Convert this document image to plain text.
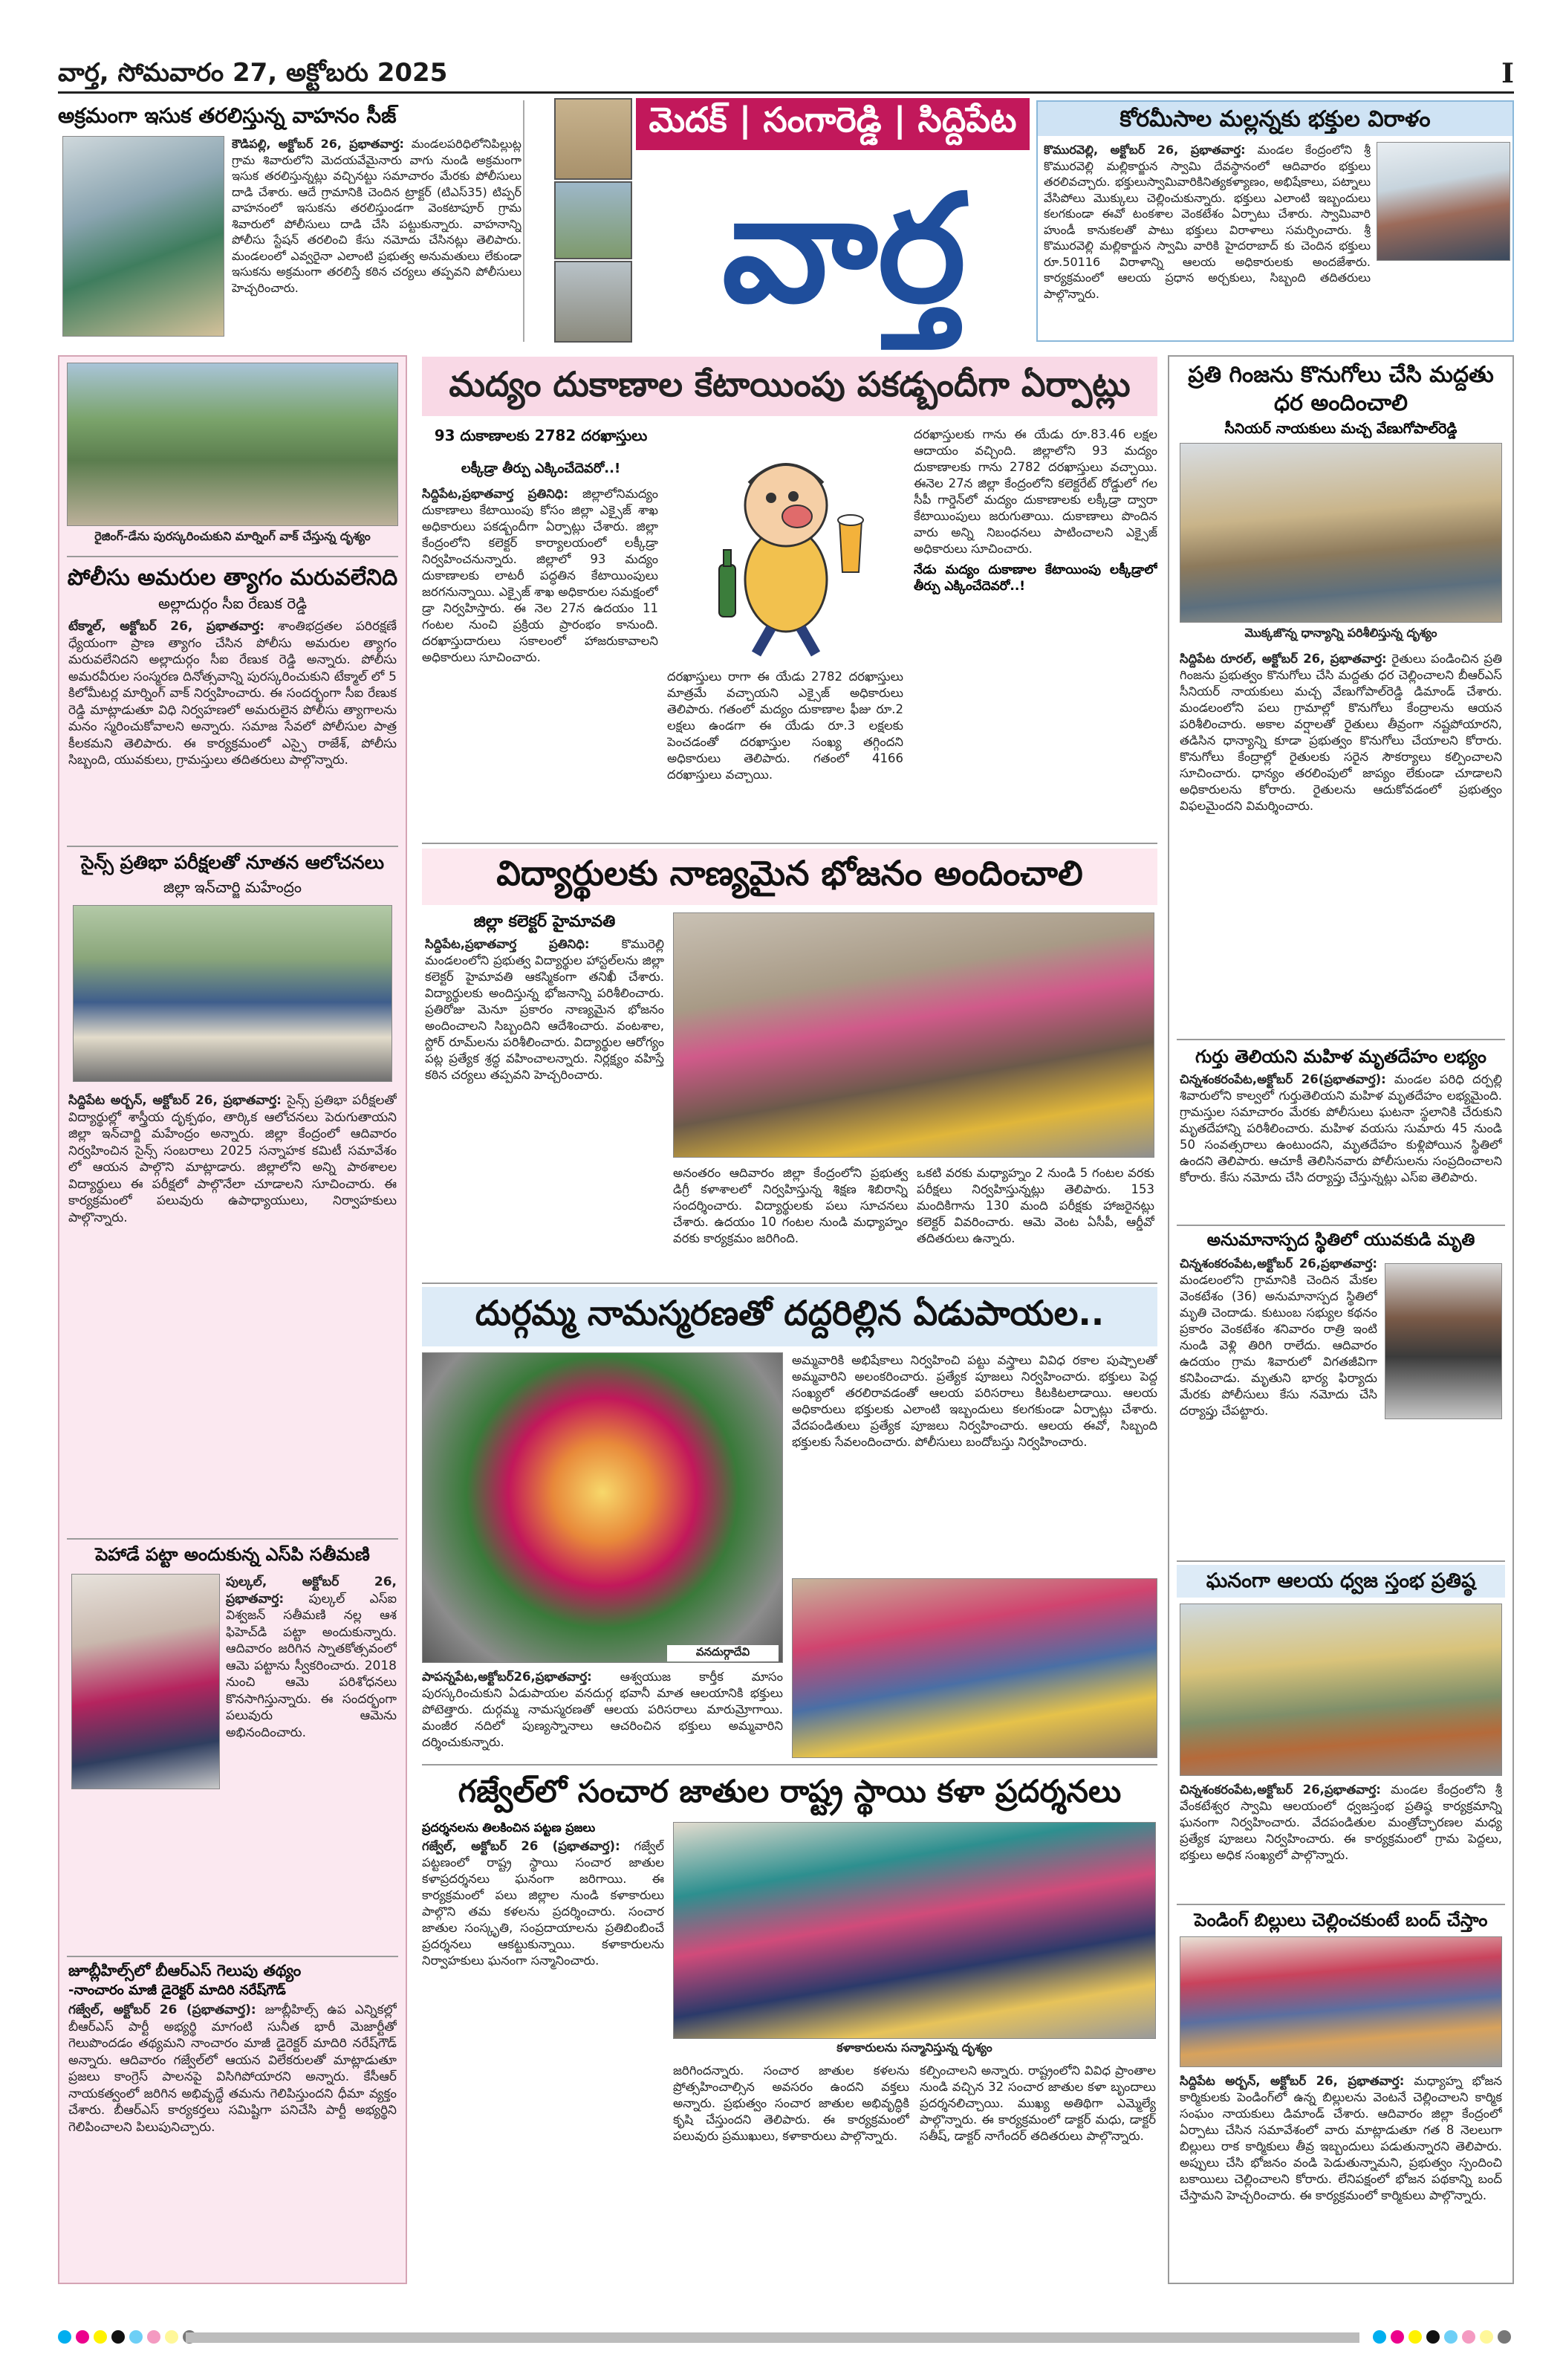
వార్త, సోమవారం 27, అక్టోబరు 2025	I
అక్రమంగా ఇసుక తరలిస్తున్న వాహనం సీజ్
కౌడిపల్లి, అక్టోబర్ 26, ప్రభాతవార్త: మండలపరిధిలోనిపిల్లుట్ల గ్రామ శివారులోని మెదయవేమైనారు వాగు నుండి అక్రమంగా ఇసుక తరలిస్తున్నట్లు వచ్చినట్టు సమాచారం మేరకు పోలీసులు దాడి చేశారు. ఆదే గ్రామానికి చెందిన ట్రాక్టర్ (టిఎస్35) టిప్పర్ వాహనంలో ఇసుకను తరలిస్తుండగా వెంకటాపూర్ గ్రామ శివారులో పోలీసులు దాడి చేసి పట్టుకున్నారు. వాహనాన్ని పోలీసు స్టేషన్ తరలించి కేసు నమోదు చేసినట్లు తెలిపారు. మండలంలో ఎవ్వరైనా ఎలాంటి ప్రభుత్వ అనుమతులు లేకుండా ఇసుకను అక్రమంగా తరలిస్తే కఠిన చర్యలు తప్పవని పోలీసులు హెచ్చరించారు.
మెదక్ | సంగారెడ్డి | సిద్దిపేట
వార్త
కోరమీసాల మల్లన్నకు భక్తుల విరాళం
కొమురవెల్లి, అక్టోబర్ 26, ప్రభాతవార్త: మండల కేంద్రంలోని శ్రీ కొమురవెల్లి మల్లికార్జున స్వామి దేవస్థానంలో ఆదివారం భక్తులు తరలివచ్చారు. భక్తులుస్వామివారికినిత్యకళ్యాణం, అభిషేకాలు, పట్నాలు వేసిపోలు మొక్కులు చెల్లించుకున్నారు. భక్తులు ఎలాంటి ఇబ్బందులు కలగకుండా ఈవో టంకశాల వెంకటేశం ఏర్పాటు చేశారు. స్వామివారి హుండీ కానుకలతో పాటు భక్తులు విరాళాలు సమర్పించారు. శ్రీ కొమురవెల్లి మల్లికార్జున స్వామి వారికి హైదరాబాద్ కు చెందిన భక్తులు రూ.50116 విరాళాన్ని ఆలయ అధికారులకు అందజేశారు. కార్యక్రమంలో ఆలయ ప్రధాన అర్చకులు, సిబ్బంది తదితరులు పాల్గొన్నారు.
రైజింగ్-డేను పురస్కరించుకుని మార్నింగ్ వాక్ చేస్తున్న దృశ్యం
పోలీసు అమరుల త్యాగం మరువలేనిది
అల్లాదుర్గం సీఐ రేణుక రెడ్డి
టేక్మాల్, అక్టోబర్ 26, ప్రభాతవార్త: శాంతిభద్రతల పరిరక్షణే ధ్యేయంగా ప్రాణ త్యాగం చేసిన పోలీసు అమరుల త్యాగం మరువలేనిదని అల్లాదుర్గం సీఐ రేణుక రెడ్డి అన్నారు. పోలీసు అమరవీరుల సంస్మరణ దినోత్సవాన్ని పురస్కరించుకుని టేక్మాల్ లో 5 కిలోమీటర్ల మార్నింగ్ వాక్ నిర్వహించారు. ఈ సందర్భంగా సీఐ రేణుక రెడ్డి మాట్లాడుతూ విధి నిర్వహణలో అమరులైన పోలీసు త్యాగాలను మనం స్మరించుకోవాలని అన్నారు. సమాజ సేవలో పోలీసుల పాత్ర కీలకమని తెలిపారు. ఈ కార్యక్రమంలో ఎస్సై రాజేశ్, పోలీసు సిబ్బంది, యువకులు, గ్రామస్తులు తదితరులు పాల్గొన్నారు.
సైన్స్ ప్రతిభా పరీక్షలతో నూతన ఆలోచనలు
జిల్లా ఇన్‌చార్జి మహేంద్రం
సిద్దిపేట అర్బన్, అక్టోబర్ 26, ప్రభాతవార్త: సైన్స్ ప్రతిభా పరీక్షలతో విద్యార్థుల్లో శాస్త్రీయ దృక్పథం, తార్కిక ఆలోచనలు పెరుగుతాయని జిల్లా ఇన్‌చార్జి మహేంద్రం అన్నారు. జిల్లా కేంద్రంలో ఆదివారం నిర్వహించిన సైన్స్ సంబరాలు 2025 సన్నాహక కమిటీ సమావేశం లో ఆయన పాల్గొని మాట్లాడారు. జిల్లాలోని అన్ని పాఠశాలల విద్యార్థులు ఈ పరీక్షలో పాల్గొనేలా చూడాలని సూచించారు. ఈ కార్యక్రమంలో పలువురు ఉపాధ్యాయులు, నిర్వాహకులు పాల్గొన్నారు.
పెహాడే పట్టా అందుకున్న ఎస్‌పి సతీమణి
పుల్కల్, అక్టోబర్ 26, ప్రభాతవార్త: పుల్కల్ ఎస్ఐ విశ్వజన్ సతీమణి నల్ల ఆశ ఫిహెచ్‌డి పట్టా అందుకున్నారు. ఆదివారం జరిగిన స్నాతకోత్సవంలో ఆమె పట్టాను స్వీకరించారు. 2018 నుంచి ఆమె పరిశోధనలు కొనసాగిస్తున్నారు. ఈ సందర్భంగా పలువురు ఆమెను అభినందించారు.
జూబ్లీహిల్స్‌లో బీఆర్ఎస్ గెలుపు తథ్యం
-నాంచారం మాజీ డైరెక్టర్ మాదిరి నరేష్‌గౌడ్
గజ్వేల్, అక్టోబర్ 26 (ప్రభాతవార్త): జూబ్లీహిల్స్ ఉప ఎన్నికల్లో బీఆర్ఎస్ పార్టీ అభ్యర్థి మాగంటి సునీత భారీ మెజార్టీతో గెలుపొందడం తథ్యమని నాంచారం మాజీ డైరెక్టర్ మాదిరి నరేష్‌గౌడ్ అన్నారు. ఆదివారం గజ్వేల్‌లో ఆయన విలేకరులతో మాట్లాడుతూ ప్రజలు కాంగ్రెస్ పాలనపై విసిగిపోయారని అన్నారు. కేసీఆర్ నాయకత్వంలో జరిగిన అభివృద్ధే తమను గెలిపిస్తుందని ధీమా వ్యక్తం చేశారు. బీఆర్ఎస్ కార్యకర్తలు సమిష్టిగా పనిచేసి పార్టీ అభ్యర్థిని గెలిపించాలని పిలుపునిచ్చారు.
మద్యం దుకాణాల కేటాయింపు పకడ్బందీగా ఏర్పాట్లు
93 దుకాణాలకు 2782 దరఖాస్తులు
లక్కీడ్రా తీర్పు ఎక్కించేదెవరో..!
సిద్దిపేట,ప్రభాతవార్త ప్రతినిధి: జిల్లాలోనిమద్యం దుకాణాలు కేటాయింపు కోసం జిల్లా ఎక్సైజ్ శాఖ అధికారులు పకడ్బందీగా ఏర్పాట్లు చేశారు. జిల్లా కేంద్రంలోని కలెక్టర్ కార్యాలయంలో లక్కీడ్రా నిర్వహించనున్నారు. జిల్లాలో 93 మద్యం దుకాణాలకు లాటరీ పద్ధతిన కేటాయింపులు జరగనున్నాయి. ఎక్సైజ్ శాఖ అధికారుల సమక్షంలో డ్రా నిర్వహిస్తారు. ఈ నెల 27న ఉదయం 11 గంటల నుంచి ప్రక్రియ ప్రారంభం కానుంది. దరఖాస్తుదారులు సకాలంలో హాజరుకావాలని అధికారులు సూచించారు.
దరఖాస్తులు రాగా ఈ యేడు 2782 దరఖాస్తులు మాత్రమే వచ్చాయని ఎక్సైజ్ అధికారులు తెలిపారు. గతంలో మద్యం దుకాణాల ఫీజు రూ.2 లక్షలు ఉండగా ఈ యేడు రూ.3 లక్షలకు పెంచడంతో దరఖాస్తుల సంఖ్య తగ్గిందని అధికారులు తెలిపారు. గతంలో 4166 దరఖాస్తులు వచ్చాయి.
దరఖాస్తులకు గాను ఈ యేడు రూ.83.46 లక్షల ఆదాయం వచ్చింది. జిల్లాలోని 93 మద్యం దుకాణాలకు గాను 2782 దరఖాస్తులు వచ్చాయి. ఈనెల 27న జిల్లా కేంద్రంలోని కలెక్టరేట్ రోడ్డులో గల సీపీ గార్డెన్‌లో మద్యం దుకాణాలకు లక్కీడ్రా ద్వారా కేటాయింపులు జరుగుతాయి. దుకాణాలు పొందిన వారు అన్ని నిబంధనలు పాటించాలని ఎక్సైజ్ అధికారులు సూచించారు.

నేడు మద్యం దుకాణాల కేటాయింపు లక్కీడ్రాలో తీర్పు ఎక్కించేదెవరో..!

విద్యార్థులకు నాణ్యమైన భోజనం అందించాలి
జిల్లా కలెక్టర్ హైమావతి
సిద్దిపేట,ప్రభాతవార్త ప్రతినిధి:	కొమురెల్లి మండలంలోని ప్రభుత్వ విద్యార్థుల హాస్టల్‌లను జిల్లా కలెక్టర్ హైమావతి ఆకస్మికంగా తనిఖీ చేశారు. విద్యార్థులకు అందిస్తున్న భోజనాన్ని పరిశీలించారు. ప్రతిరోజు మెనూ ప్రకారం నాణ్యమైన భోజనం అందించాలని సిబ్బందిని ఆదేశించారు. వంటశాల, స్టోర్ రూమ్‌లను పరిశీలించారు. విద్యార్థుల ఆరోగ్యం పట్ల ప్రత్యేక శ్రద్ధ వహించాలన్నారు. నిర్లక్ష్యం వహిస్తే కఠిన చర్యలు తప్పవని హెచ్చరించారు.
అనంతరం ఆదివారం జిల్లా కేంద్రంలోని ప్రభుత్వ డిగ్రీ కళాశాలలో నిర్వహిస్తున్న శిక్షణ శిబిరాన్ని సందర్శించారు. విద్యార్థులకు పలు సూచనలు చేశారు. ఉదయం 10 గంటల నుండి మధ్యాహ్నం వరకు కార్యక్రమం జరిగింది.
ఒకటి వరకు మధ్యాహ్నం 2 నుండి 5 గంటల వరకు పరీక్షలు నిర్వహిస్తున్నట్లు తెలిపారు. 153 మందికిగాను 130 మంది పరీక్షకు హాజరైనట్లు కలెక్టర్ వివరించారు. ఆమె వెంట ఏసీపీ, ఆర్డీవో తదితరులు ఉన్నారు.
దుర్గమ్మ నామస్మరణతో దద్దరిల్లిన ఏడుపాయల..
వనదుర్గాదేవి
పాపన్నపేట,అక్టోబర్26,ప్రభాతవార్త: ఆశ్వయుజ కార్తీక మాసం పురస్కరించుకుని ఏడుపాయల వనదుర్గ భవానీ మాత ఆలయానికి భక్తులు పోటెత్తారు. దుర్గమ్మ నామస్మరణతో ఆలయ పరిసరాలు మారుమ్రోగాయి. మంజీర నదిలో పుణ్యస్నానాలు ఆచరించిన భక్తులు అమ్మవారిని దర్శించుకున్నారు.
అమ్మవారికి అభిషేకాలు నిర్వహించి పట్టు వస్త్రాలు వివిధ రకాల పుష్పాలతో అమ్మవారిని అలంకరించారు. ప్రత్యేక పూజలు నిర్వహించారు. భక్తులు పెద్ద సంఖ్యలో తరలిరావడంతో ఆలయ పరిసరాలు కిటకిటలాడాయి. ఆలయ అధికారులు భక్తులకు ఎలాంటి ఇబ్బందులు కలగకుండా ఏర్పాట్లు చేశారు. వేదపండితులు ప్రత్యేక పూజలు నిర్వహించారు. ఆలయ ఈవో, సిబ్బంది భక్తులకు సేవలందించారు. పోలీసులు బందోబస్తు నిర్వహించారు.
గజ్వేల్‌లో సంచార జాతుల రాష్ట్ర స్థాయి కళా ప్రదర్శనలు
ప్రదర్శనలను తిలకించిన పట్టణ ప్రజలు
గజ్వేల్, అక్టోబర్ 26 (ప్రభాతవార్త): గజ్వేల్ పట్టణంలో రాష్ట్ర స్థాయి సంచార జాతుల కళాప్రదర్శనలు ఘనంగా జరిగాయి. ఈ కార్యక్రమంలో పలు జిల్లాల నుండి కళాకారులు పాల్గొని తమ కళలను ప్రదర్శించారు. సంచార జాతుల సంస్కృతి, సంప్రదాయాలను ప్రతిబింబించే ప్రదర్శనలు ఆకట్టుకున్నాయి. కళాకారులను నిర్వాహకులు ఘనంగా సన్మానించారు.
కళాకారులను సన్మానిస్తున్న దృశ్యం
జరిగిందన్నారు. సంచార జాతుల కళలను ప్రోత్సహించాల్సిన అవసరం ఉందని వక్తలు అన్నారు. ప్రభుత్వం సంచార జాతుల అభివృద్ధికి కృషి చేస్తుందని తెలిపారు. ఈ కార్యక్రమంలో పలువురు ప్రముఖులు, కళాకారులు పాల్గొన్నారు.
కల్పించాలని అన్నారు. రాష్ట్రంలోని వివిధ ప్రాంతాల నుండి వచ్చిన 32 సంచార జాతుల కళా బృందాలు ప్రదర్శనలిచ్చాయి. ముఖ్య అతిథిగా ఎమ్మెల్యే పాల్గొన్నారు. ఈ కార్యక్రమంలో డాక్టర్ మధు, డాక్టర్ సతీష్, డాక్టర్ నాగేందర్ తదితరులు పాల్గొన్నారు.
ప్రతి గింజను కొనుగోలు చేసి మద్దతు ధర అందించాలి
సీనియర్ నాయకులు మచ్చ వేణుగోపాల్‌రెడ్డి
మొక్కజొన్న ధాన్యాన్ని పరిశీలిస్తున్న దృశ్యం
సిద్దిపేట రూరల్, అక్టోబర్ 26, ప్రభాతవార్త: రైతులు పండించిన ప్రతి గింజను ప్రభుత్వం కొనుగోలు చేసి మద్దతు ధర చెల్లించాలని బీఆర్ఎస్ సీనియర్ నాయకులు మచ్చ వేణుగోపాల్‌రెడ్డి డిమాండ్ చేశారు. మండలంలోని పలు గ్రామాల్లో కొనుగోలు కేంద్రాలను ఆయన పరిశీలించారు. అకాల వర్షాలతో రైతులు తీవ్రంగా నష్టపోయారని, తడిసిన ధాన్యాన్ని కూడా ప్రభుత్వం కొనుగోలు చేయాలని కోరారు. కొనుగోలు కేంద్రాల్లో రైతులకు సరైన సౌకర్యాలు కల్పించాలని సూచించారు. ధాన్యం తరలింపులో జాప్యం లేకుండా చూడాలని అధికారులను కోరారు. రైతులను ఆదుకోవడంలో ప్రభుత్వం విఫలమైందని విమర్శించారు.
గుర్తు తెలియని మహిళ మృతదేహం లభ్యం
చిన్నశంకరంపేట,అక్టోబర్ 26(ప్రభాతవార్త): మండల పరిధి దర్పల్లి శివారులోని కాల్వలో గుర్తుతెలియని మహిళ మృతదేహం లభ్యమైంది. గ్రామస్తుల సమాచారం మేరకు పోలీసులు ఘటనా స్థలానికి చేరుకుని మృతదేహాన్ని పరిశీలించారు. మహిళ వయసు సుమారు 45 నుండి 50 సంవత్సరాలు ఉంటుందని, మృతదేహం కుళ్లిపోయిన స్థితిలో ఉందని తెలిపారు. ఆచూకీ తెలిసినవారు పోలీసులను సంప్రదించాలని కోరారు. కేసు నమోదు చేసి దర్యాప్తు చేస్తున్నట్లు ఎస్ఐ తెలిపారు.
అనుమానాస్పద స్థితిలో యువకుడి మృతి
చిన్నశంకరంపేట,అక్టోబర్ 26,ప్రభాతవార్త: మండలంలోని గ్రామానికి చెందిన మేకల వెంకటేశం (36) అనుమానాస్పద స్థితిలో మృతి చెందాడు. కుటుంబ సభ్యుల కథనం ప్రకారం వెంకటేశం శనివారం రాత్రి ఇంటి నుండి వెళ్లి తిరిగి రాలేదు. ఆదివారం ఉదయం గ్రామ శివారులో విగతజీవిగా కనిపించాడు. మృతుని భార్య ఫిర్యాదు మేరకు పోలీసులు కేసు నమోదు చేసి దర్యాప్తు చేపట్టారు.
ఘనంగా ఆలయ ధ్వజ స్తంభ ప్రతిష్ఠ
చిన్నశంకరంపేట,అక్టోబర్ 26,ప్రభాతవార్త: మండల కేంద్రంలోని శ్రీ వేంకటేశ్వర స్వామి ఆలయంలో ధ్వజస్తంభ ప్రతిష్ఠ కార్యక్రమాన్ని ఘనంగా నిర్వహించారు. వేదపండితుల మంత్రోచ్ఛారణల మధ్య ప్రత్యేక పూజలు నిర్వహించారు. ఈ కార్యక్రమంలో గ్రామ పెద్దలు, భక్తులు అధిక సంఖ్యలో పాల్గొన్నారు.
పెండింగ్ బిల్లులు చెల్లించకుంటే బంద్ చేస్తాం
సిద్దిపేట అర్బన్, అక్టోబర్ 26, ప్రభాతవార్త: మధ్యాహ్న భోజన కార్మికులకు పెండింగ్‌లో ఉన్న బిల్లులను వెంటనే చెల్లించాలని కార్మిక సంఘం నాయకులు డిమాండ్ చేశారు. ఆదివారం జిల్లా కేంద్రంలో ఏర్పాటు చేసిన సమావేశంలో వారు మాట్లాడుతూ గత 8 నెలలుగా బిల్లులు రాక కార్మికులు తీవ్ర ఇబ్బందులు పడుతున్నారని తెలిపారు. అప్పులు చేసి భోజనం వండి పెడుతున్నామని, ప్రభుత్వం స్పందించి బకాయిలు చెల్లించాలని కోరారు. లేనిపక్షంలో భోజన పథకాన్ని బంద్ చేస్తామని హెచ్చరించారు. ఈ కార్యక్రమంలో కార్మికులు పాల్గొన్నారు.
